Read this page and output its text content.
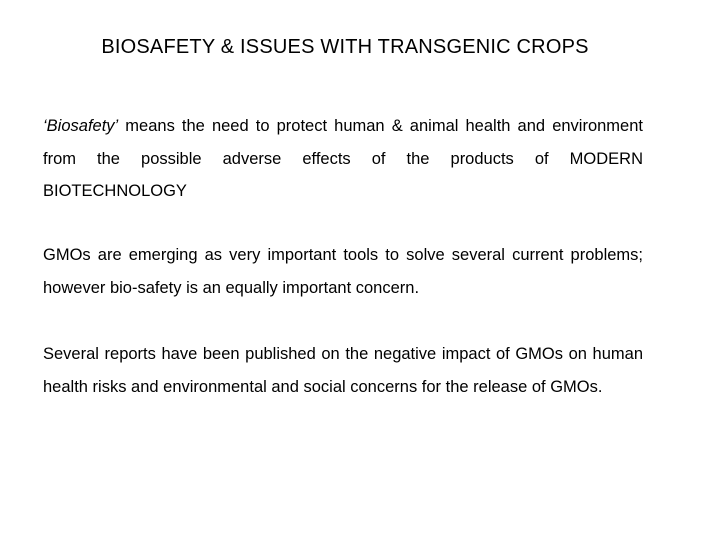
BIOSAFETY & ISSUES WITH TRANSGENIC CROPS

‘Biosafety’ means the need to protect human & animal health and environment from the possible adverse effects of the products of MODERN BIOTECHNOLOGY

GMOs are emerging as very important tools to solve several current problems; however bio-safety is an equally important concern.

Several reports have been published on the negative impact of GMOs on human health risks and environmental and social concerns for the release of GMOs.
